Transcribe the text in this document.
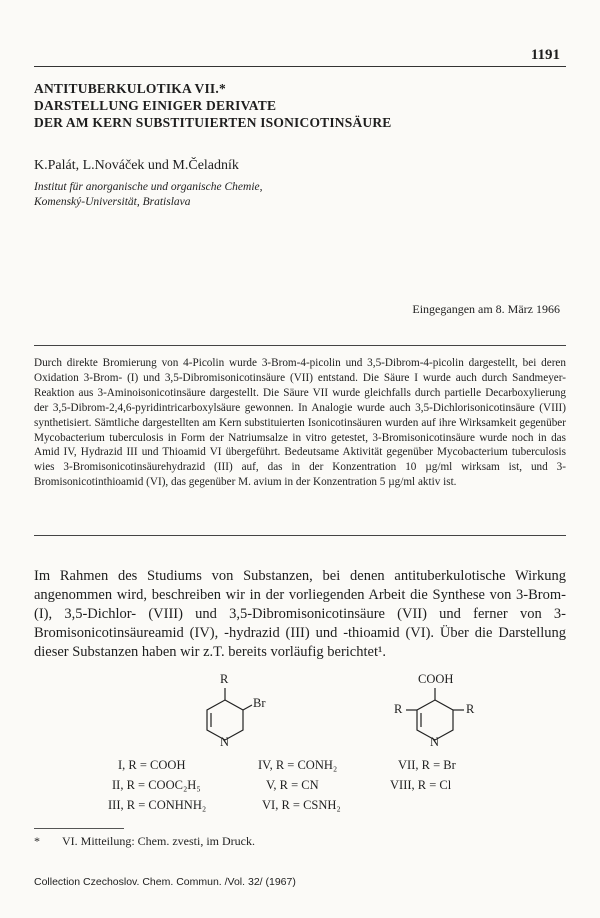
1191
ANTITUBERKULOTIKA VII.*
DARSTELLUNG EINIGER DERIVATE
DER AM KERN SUBSTITUIERTEN ISONICOTINSÄURE
K.Palát, L.Nováček und M.Čeladník
Institut für anorganische und organische Chemie,
Komenský-Universität, Bratislava
Eingegangen am 8. März 1966
Durch direkte Bromierung von 4-Picolin wurde 3-Brom-4-picolin und 3,5-Dibrom-4-picolin dargestellt, bei deren Oxidation 3-Brom- (I) und 3,5-Dibromisonicotinsäure (VII) entstand. Die Säure I wurde auch durch Sandmeyer-Reaktion aus 3-Aminoisonicotinsäure dargestellt. Die Säure VII wurde gleichfalls durch partielle Decarboxylierung der 3,5-Dibrom-2,4,6-pyridintricarboxylsäure gewonnen. In Analogie wurde auch 3,5-Dichlorisonicotinsäure (VIII) synthetisiert. Sämtliche dargestellten am Kern substituierten Isonicotinsäuren wurden auf ihre Wirksamkeit gegenüber Mycobacterium tuberculosis in Form der Natriumsalze in vitro getestet, 3-Bromisonicotinsäure wurde noch in das Amid IV, Hydrazid III und Thioamid VI übergeführt. Bedeutsame Aktivität gegenüber Mycobacterium tuberculosis wies 3-Bromisonicotinsäurehydrazid (III) auf, das in der Konzentration 10 µg/ml wirksam ist, und 3-Bromisonicotinthioamid (VI), das gegenüber M. avium in der Konzentration 5 µg/ml aktiv ist.

Im Rahmen des Studiums von Substanzen, bei denen antituberkulotische Wirkung angenommen wird, beschreiben wir in der vorliegenden Arbeit die Synthese von 3-Brom- (I), 3,5-Dichlor- (VIII) und 3,5-Dibromisonicotinsäure (VII) und ferner von 3-Bromisonicotinsäureamid (IV), -hydrazid (III) und -thioamid (VI). Über die Darstellung dieser Substanzen haben wir z.T. bereits vorläufig berichtet¹.

R
Br
N
COOH
R	R
N
I, R = COOH
II, R = COOC₂H₅
III, R = CONHNH₂
IV, R = CONH₂
V, R = CN
VI, R = CSNH₂
VII, R = Br
VIII, R = Cl
* VI. Mitteilung: Chem. zvesti, im Druck.
Collection Czechoslov. Chem. Commun. /Vol. 32/ (1967)
